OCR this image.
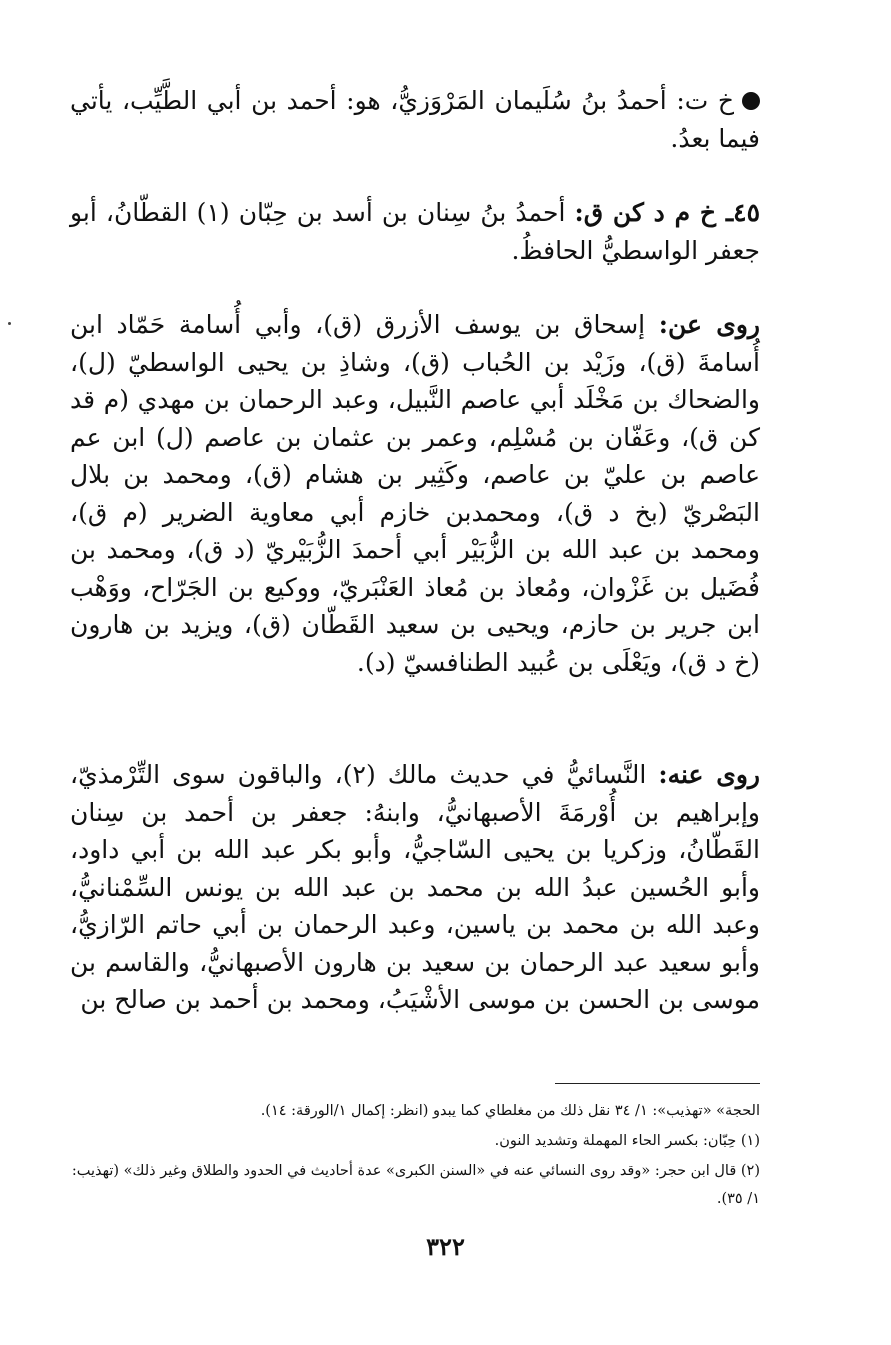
خ ت: أحمدُ بنُ سُلَيمان المَرْوَزيُّ، هو: أحمد بن أبي الطَّيِّب، يأتي فيما بعدُ.

٤٥ـ خ م د كن ق: أحمدُ بنُ سِنان بن أسد بن حِبّان (١) القطّانُ، أبو جعفر الواسطيُّ الحافظُ.

روى عن: إسحاق بن يوسف الأزرق (ق)، وأبي أُسامة حَمّاد ابن أُسامةَ (ق)، وزَيْد بن الحُباب (ق)، وشاذِ بن يحيى الواسطيّ (ل)، والضحاك بن مَخْلَد أبي عاصم النَّبيل، وعبد الرحمان بن مهدي (م قد كن ق)، وعَفّان بن مُسْلِم، وعمر بن عثمان بن عاصم (ل) ابن عم عاصم بن عليّ بن عاصم، وكَثِير بن هشام (ق)، ومحمد بن بلال البَصْريّ (بخ د ق)، ومحمدبن خازم أبي معاوية الضرير (م ق)، ومحمد بن عبد الله بن الزُّبَيْر أبي أحمدَ الزُّبَيْريّ (د ق)، ومحمد بن فُضَيل بن غَزْوان، ومُعاذ بن مُعاذ العَنْبَريّ، ووكيع بن الجَرّاح، ووَهْب ابن جرير بن حازم، ويحيى بن سعيد القَطّان (ق)، ويزيد بن هارون (خ د ق)، ويَعْلَى بن عُبيد الطنافسيّ (د).

روى عنه: النَّسائيُّ في حديث مالك (٢)، والباقون سوى التِّرْمذيّ، وإبراهيم بن أُوْرمَةَ الأصبهانيُّ، وابنهُ: جعفر بن أحمد بن سِنان القَطّانُ، وزكريا بن يحيى السّاجيُّ، وأبو بكر عبد الله بن أبي داود، وأبو الحُسين عبدُ الله بن محمد بن عبد الله بن يونس السِّمْنانيُّ، وعبد الله بن محمد بن ياسين، وعبد الرحمان بن أبي حاتم الرّازيُّ، وأبو سعيد عبد الرحمان بن سعيد بن هارون الأصبهانيُّ، والقاسم بن موسى بن الحسن بن موسى الأشْيَبُ، ومحمد بن أحمد بن صالح بن

الحجة» «تهذيب»: ١/ ٣٤ نقل ذلك من مغلطاي كما يبدو (انظر: إكمال ١/الورقة: ١٤).
(١) حِبّان: بكسر الحاء المهملة وتشديد النون.
(٢) قال ابن حجر: «وقد روى النسائي عنه في «السنن الكبرى» عدة أحاديث في الحدود والطلاق وغير ذلك» (تهذيب: ١/ ٣٥).
٣٢٢
